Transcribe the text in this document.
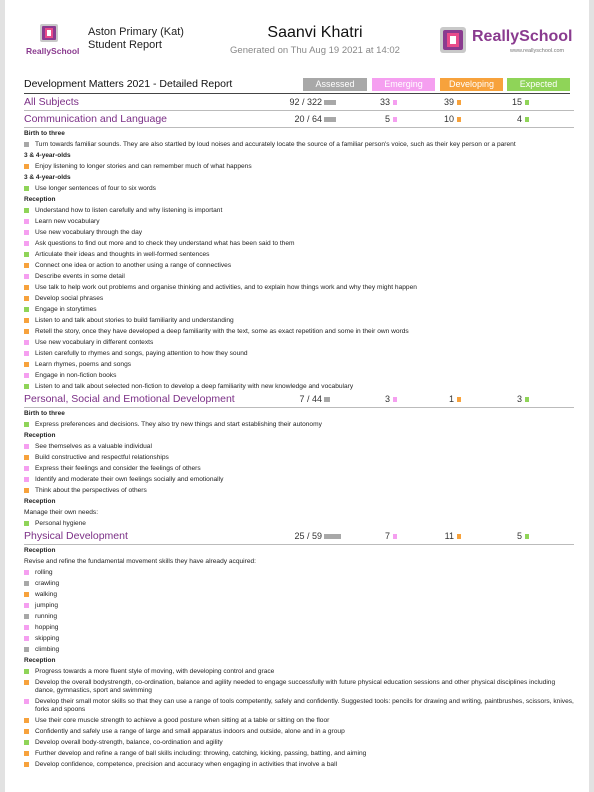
ReallySchool
Aston Primary (Kat)
Student Report
Saanvi Khatri
Generated on Thu Aug 19 2021 at 14:02
ReallySchool
www.reallyschool.com
Development Matters 2021 - Detailed Report	Assessed	Emerging	Developing	Expected
All Subjects	92 / 322	33	39	15
Communication and Language	20 / 64	5	10	4
Birth to three
Turn towards familiar sounds. They are also startled by loud noises and accurately locate the source of a familiar person's voice, such as their key person or a parent
3 & 4-year-olds
Enjoy listening to longer stories and can remember much of what happens
3 & 4-year-olds
Use longer sentences of four to six words
Reception
Understand how to listen carefully and why listening is important
Learn new vocabulary
Use new vocabulary through the day
Ask questions to find out more and to check they understand what has been said to them
Articulate their ideas and thoughts in well-formed sentences
Connect one idea or action to another using a range of connectives
Describe events in some detail
Use talk to help work out problems and organise thinking and activities, and to explain how things work and why they might happen
Develop social phrases
Engage in storytimes
Listen to and talk about stories to build familiarity and understanding
Retell the story, once they have developed a deep familiarity with the text, some as exact repetition and some in their own words
Use new vocabulary in different contexts
Listen carefully to rhymes and songs, paying attention to how they sound
Learn rhymes, poems and songs
Engage in non-fiction books
Listen to and talk about selected non-fiction to develop a deep familiarity with new knowledge and vocabulary
Personal, Social and Emotional Development	7 / 44	3	1	3
Birth to three
Express preferences and decisions. They also try new things and start establishing their autonomy
Reception
See themselves as a valuable individual
Build constructive and respectful relationships
Express their feelings and consider the feelings of others
Identify and moderate their own feelings socially and emotionally
Think about the perspectives of others
Reception
Manage their own needs:
Personal hygiene
Physical Development	25 / 59	7	11	5
Reception
Revise and refine the fundamental movement skills they have already acquired:
rolling
crawling
walking
jumping
running
hopping
skipping
climbing
Reception
Progress towards a more fluent style of moving, with developing control and grace
Develop the overall bodystrength, co-ordination, balance and agility needed to engage successfully with future physical education sessions and other physical disciplines including dance, gymnastics, sport and swimming
Develop their small motor skills so that they can use a range of tools competently, safely and confidently. Suggested tools: pencils for drawing and writing, paintbrushes, scissors, knives, forks and spoons
Use their core muscle strength to achieve a good posture when sitting at a table or sitting on the floor
Confidently and safely use a range of large and small apparatus indoors and outside, alone and in a group
Develop overall body-strength, balance, co-ordination and agility
Further develop and refine a range of ball skills including: throwing, catching, kicking, passing, batting, and aiming
Develop confidence, competence, precision and accuracy when engaging in activities that involve a ball
